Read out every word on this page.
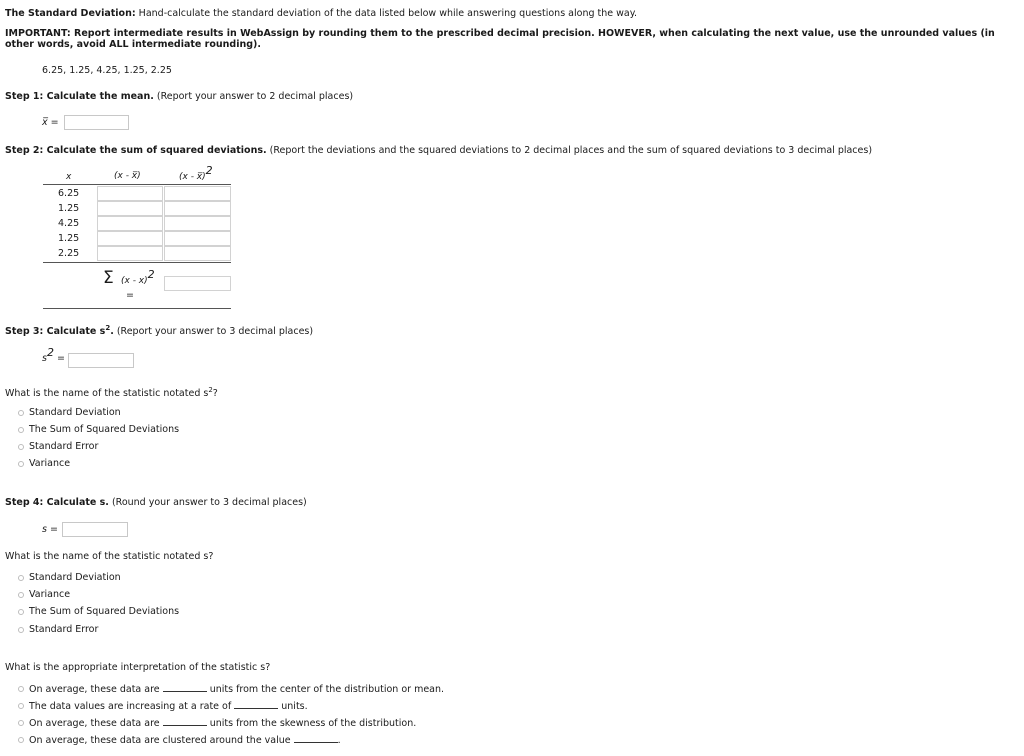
The Standard Deviation: Hand-calculate the standard deviation of the data listed below while answering questions along the way.
IMPORTANT: Report intermediate results in WebAssign by rounding them to the prescribed decimal precision. HOWEVER, when calculating the next value, use the unrounded values (in other words, avoid ALL intermediate rounding).
6.25, 1.25, 4.25, 1.25, 2.25
Step 1: Calculate the mean. (Report your answer to 2 decimal places)
x̅ =
Step 2: Calculate the sum of squared deviations. (Report the deviations and the squared deviations to 2 decimal places and the sum of squared deviations to 3 decimal places)
x	(x - x̅)	(x - x̅)2
6.25
1.25
4.25
1.25
2.25
Σ (x - x)2
=
Step 3: Calculate $s^2$. (Report your answer to 3 decimal places)
s2 =
What is the name of the statistic notated $s^2$?
Standard Deviation
The Sum of Squared Deviations
Standard Error
Variance
Step 4: Calculate s. (Round your answer to 3 decimal places)
s =
What is the name of the statistic notated s?
Standard Deviation
Variance
The Sum of Squared Deviations
Standard Error
What is the appropriate interpretation of the statistic s?
On average, these data are	units from the center of the distribution or mean.
The data values are increasing at a rate of	units.
On average, these data are	units from the skewness of the distribution.
On average, these data are clustered around the value	.
